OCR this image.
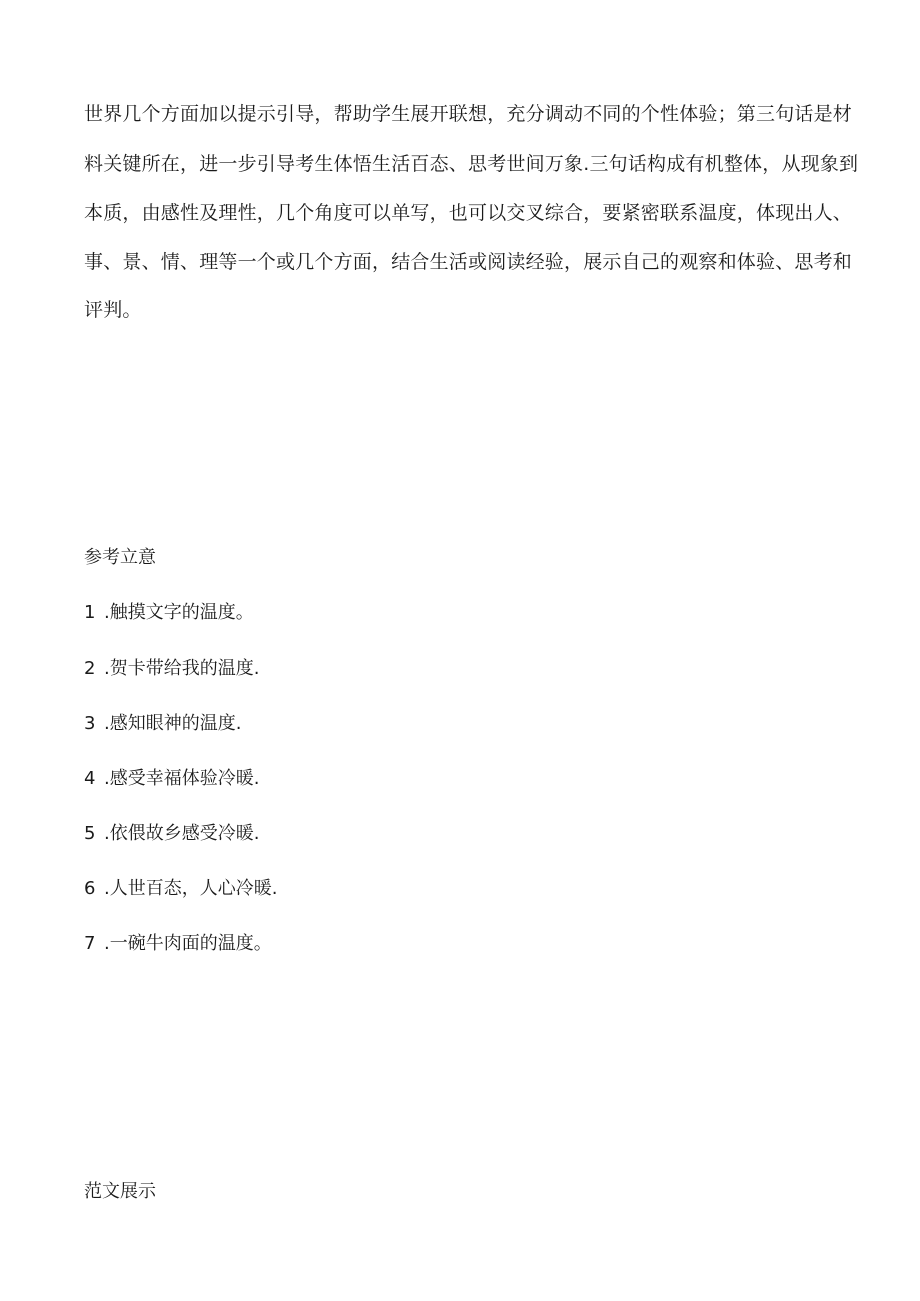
世界几个方面加以提示引导，帮助学生展开联想，充分调动不同的个性体验；第三句话是材
料关键所在，进一步引导考生体悟生活百态、思考世间万象.三句话构成有机整体，从现象到
本质，由感性及理性，几个角度可以单写，也可以交叉综合，要紧密联系温度，体现出人、
事、景、情、理等一个或几个方面，结合生活或阅读经验，展示自己的观察和体验、思考和
评判。
参考立意
1 .触摸文字的温度。
2 .贺卡带给我的温度.
3 .感知眼神的温度.
4 .感受幸福体验冷暖.
5 .依偎故乡感受冷暖.
6 .人世百态，人心冷暖.
7 .一碗牛肉面的温度。
范文展示
